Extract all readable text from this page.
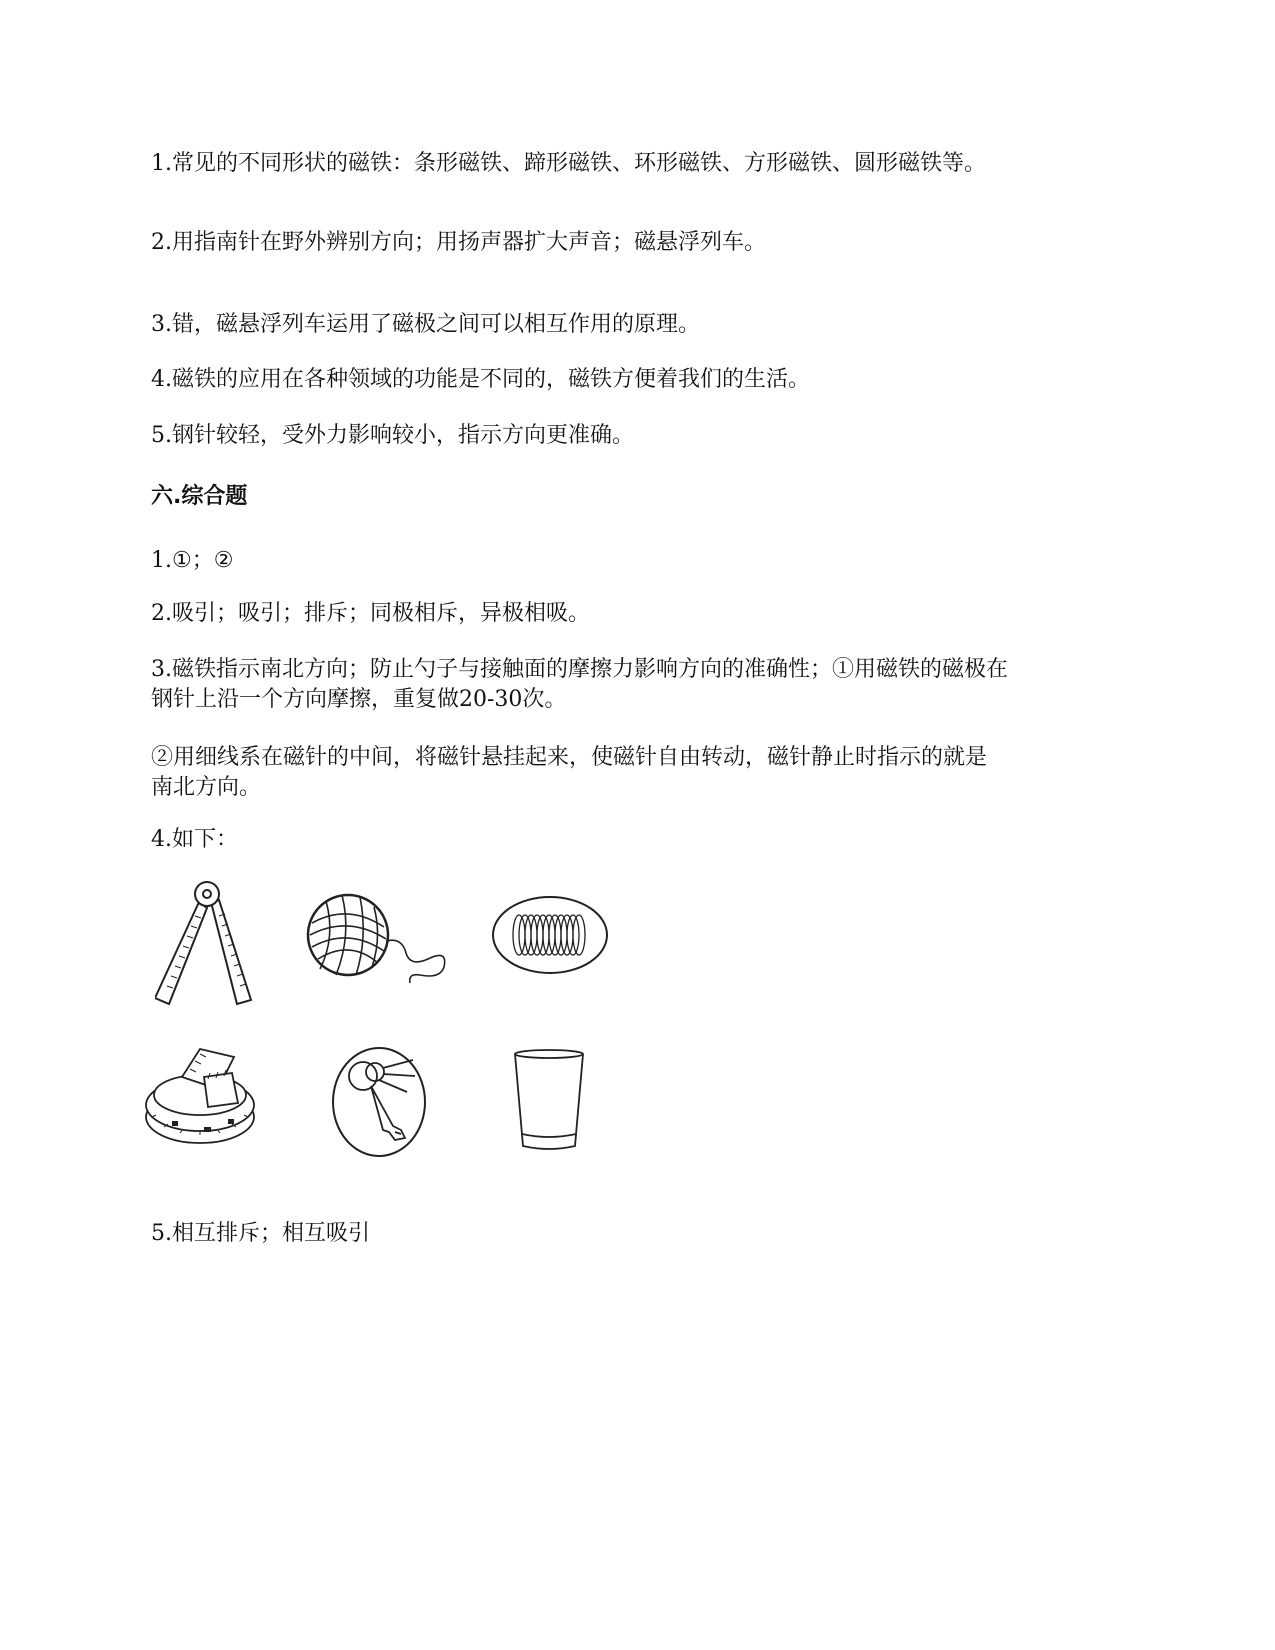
1.常见的不同形状的磁铁：条形磁铁、蹄形磁铁、环形磁铁、方形磁铁、圆形磁铁等。
2.用指南针在野外辨别方向；用扬声器扩大声音；磁悬浮列车。
3.错，磁悬浮列车运用了磁极之间可以相互作用的原理。
4.磁铁的应用在各种领域的功能是不同的，磁铁方便着我们的生活。
5.钢针较轻，受外力影响较小，指示方向更准确。
六.综合题
1.①；②
2.吸引；吸引；排斥；同极相斥，异极相吸。
3.磁铁指示南北方向；防止勺子与接触面的摩擦力影响方向的准确性；①用磁铁的磁极在
钢针上沿一个方向摩擦，重复做20-30次。
②用细线系在磁针的中间，将磁针悬挂起来，使磁针自由转动，磁针静止时指示的就是
南北方向。
4.如下：
5.相互排斥；相互吸引
